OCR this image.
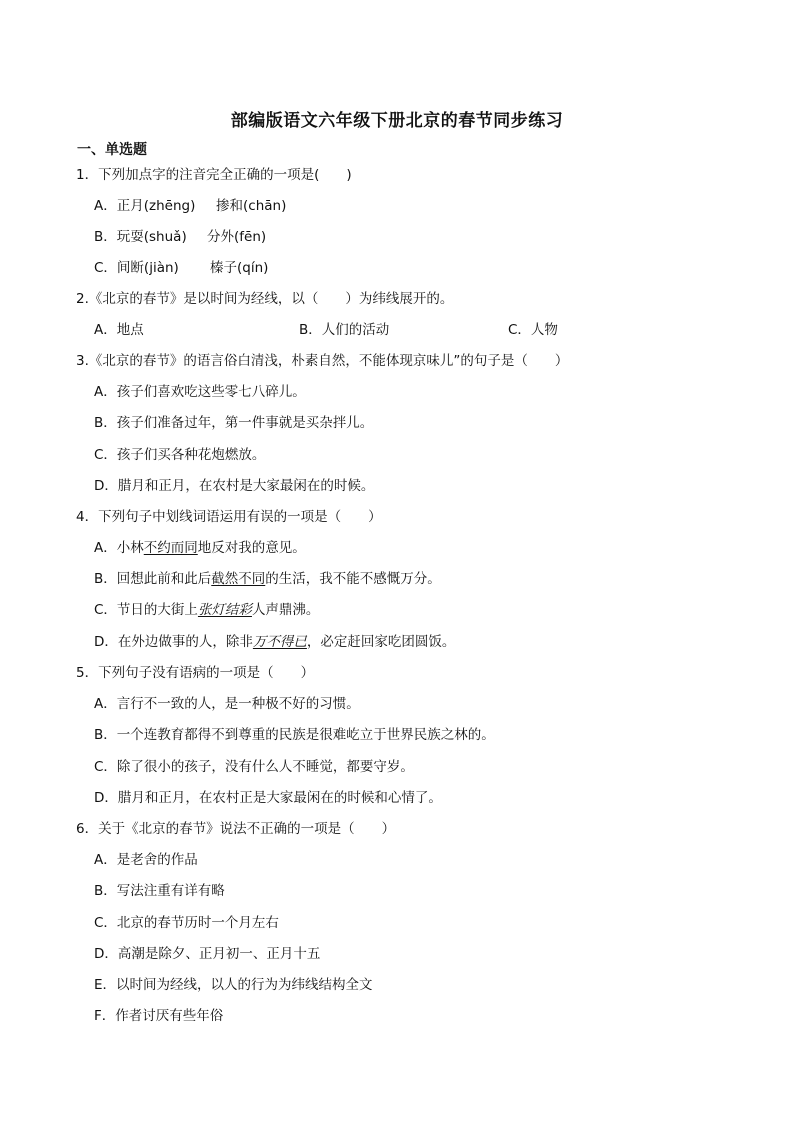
部编版语文六年级下册北京的春节同步练习
一、单选题
1．下列加点字的注音完全正确的一项是(　　)
A．正月(zhēng) 掺和(chān)
B．玩耍(shuǎ) 分外(fēn)
C．间断(jiàn) 榛子(qín)
2.《北京的春节》是以时间为经线，以（　　）为纬线展开的。
A．地点	B．人们的活动	C．人物
3.《北京的春节》的语言俗白清浅，朴素自然，不能体现京味儿”的句子是（　　）
A．孩子们喜欢吃这些零七八碎儿。
B．孩子们准备过年，第一件事就是买杂拌儿。
C．孩子们买各种花炮燃放。
D．腊月和正月，在农村是大家最闲在的时候。
4．下列句子中划线词语运用有误的一项是（　　）
A．小林不约而同地反对我的意见。
B．回想此前和此后截然不同的生活，我不能不感慨万分。
C．节日的大街上张灯结彩人声鼎沸。
D．在外边做事的人，除非万不得已，必定赶回家吃团圆饭。
5．下列句子没有语病的一项是（　　）
A．言行不一致的人，是一种极不好的习惯。
B．一个连教育都得不到尊重的民族是很难屹立于世界民族之林的。
C．除了很小的孩子，没有什么人不睡觉，都要守岁。
D．腊月和正月，在农村正是大家最闲在的时候和心情了。
6．关于《北京的春节》说法不正确的一项是（　　）
A．是老舍的作品
B．写法注重有详有略
C．北京的春节历时一个月左右
D．高潮是除夕、正月初一、正月十五
E．以时间为经线，以人的行为为纬线结构全文
F．作者讨厌有些年俗
